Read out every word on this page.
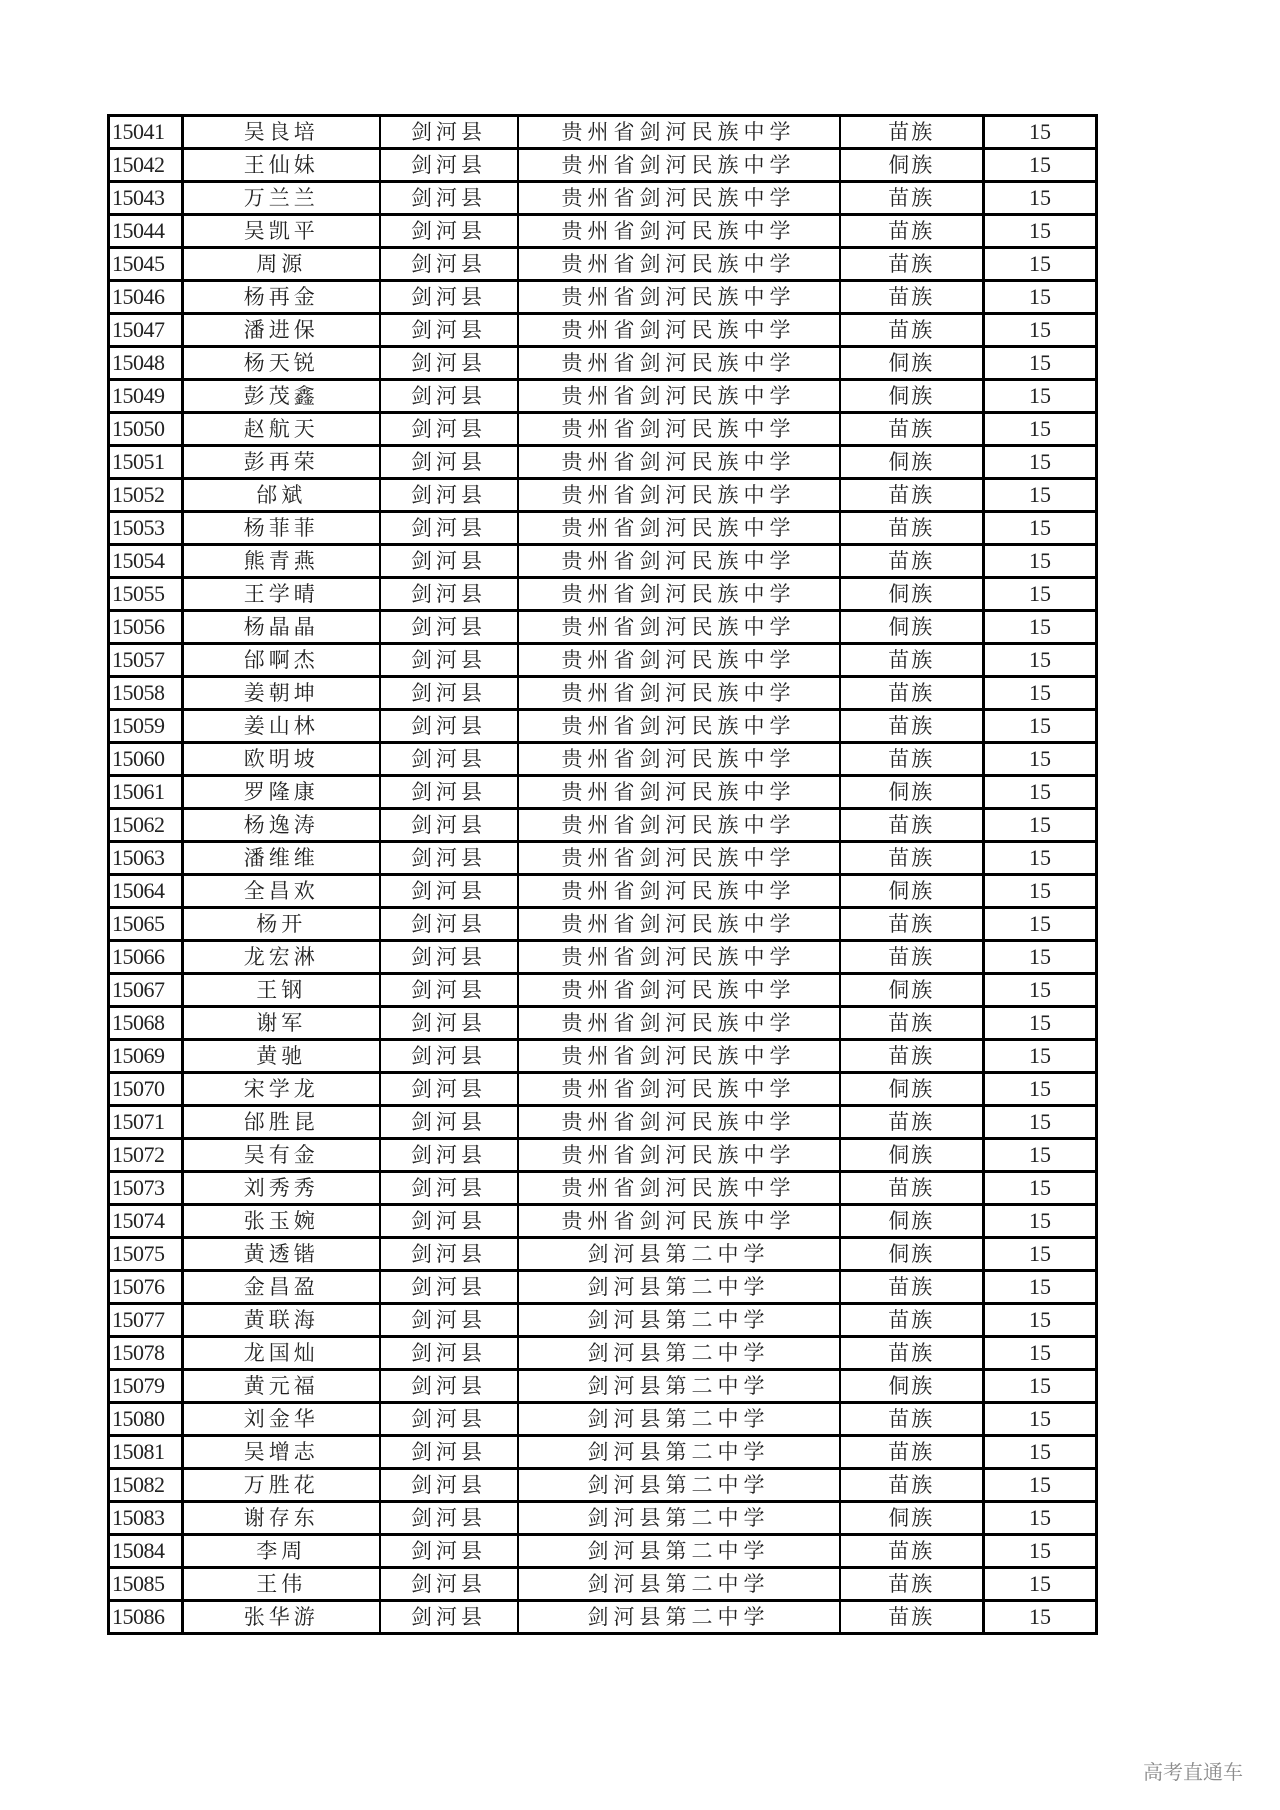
15041	吴良培	剑河县	贵州省剑河民族中学	苗族	15
15042	王仙妹	剑河县	贵州省剑河民族中学	侗族	15
15043	万兰兰	剑河县	贵州省剑河民族中学	苗族	15
15044	吴凯平	剑河县	贵州省剑河民族中学	苗族	15
15045	周源	剑河县	贵州省剑河民族中学	苗族	15
15046	杨再金	剑河县	贵州省剑河民族中学	苗族	15
15047	潘进保	剑河县	贵州省剑河民族中学	苗族	15
15048	杨天锐	剑河县	贵州省剑河民族中学	侗族	15
15049	彭茂鑫	剑河县	贵州省剑河民族中学	侗族	15
15050	赵航天	剑河县	贵州省剑河民族中学	苗族	15
15051	彭再荣	剑河县	贵州省剑河民族中学	侗族	15
15052	邰斌	剑河县	贵州省剑河民族中学	苗族	15
15053	杨菲菲	剑河县	贵州省剑河民族中学	苗族	15
15054	熊青燕	剑河县	贵州省剑河民族中学	苗族	15
15055	王学晴	剑河县	贵州省剑河民族中学	侗族	15
15056	杨晶晶	剑河县	贵州省剑河民族中学	侗族	15
15057	邰啊杰	剑河县	贵州省剑河民族中学	苗族	15
15058	姜朝坤	剑河县	贵州省剑河民族中学	苗族	15
15059	姜山林	剑河县	贵州省剑河民族中学	苗族	15
15060	欧明坡	剑河县	贵州省剑河民族中学	苗族	15
15061	罗隆康	剑河县	贵州省剑河民族中学	侗族	15
15062	杨逸涛	剑河县	贵州省剑河民族中学	苗族	15
15063	潘维维	剑河县	贵州省剑河民族中学	苗族	15
15064	全昌欢	剑河县	贵州省剑河民族中学	侗族	15
15065	杨开	剑河县	贵州省剑河民族中学	苗族	15
15066	龙宏淋	剑河县	贵州省剑河民族中学	苗族	15
15067	王钢	剑河县	贵州省剑河民族中学	侗族	15
15068	谢军	剑河县	贵州省剑河民族中学	苗族	15
15069	黄驰	剑河县	贵州省剑河民族中学	苗族	15
15070	宋学龙	剑河县	贵州省剑河民族中学	侗族	15
15071	邰胜昆	剑河县	贵州省剑河民族中学	苗族	15
15072	吴有金	剑河县	贵州省剑河民族中学	侗族	15
15073	刘秀秀	剑河县	贵州省剑河民族中学	苗族	15
15074	张玉婉	剑河县	贵州省剑河民族中学	侗族	15
15075	黄透锴	剑河县	剑河县第二中学	侗族	15
15076	金昌盈	剑河县	剑河县第二中学	苗族	15
15077	黄联海	剑河县	剑河县第二中学	苗族	15
15078	龙国灿	剑河县	剑河县第二中学	苗族	15
15079	黄元福	剑河县	剑河县第二中学	侗族	15
15080	刘金华	剑河县	剑河县第二中学	苗族	15
15081	吴增志	剑河县	剑河县第二中学	苗族	15
15082	万胜花	剑河县	剑河县第二中学	苗族	15
15083	谢存东	剑河县	剑河县第二中学	侗族	15
15084	李周	剑河县	剑河县第二中学	苗族	15
15085	王伟	剑河县	剑河县第二中学	苗族	15
15086	张华游	剑河县	剑河县第二中学	苗族	15
高考直通车
